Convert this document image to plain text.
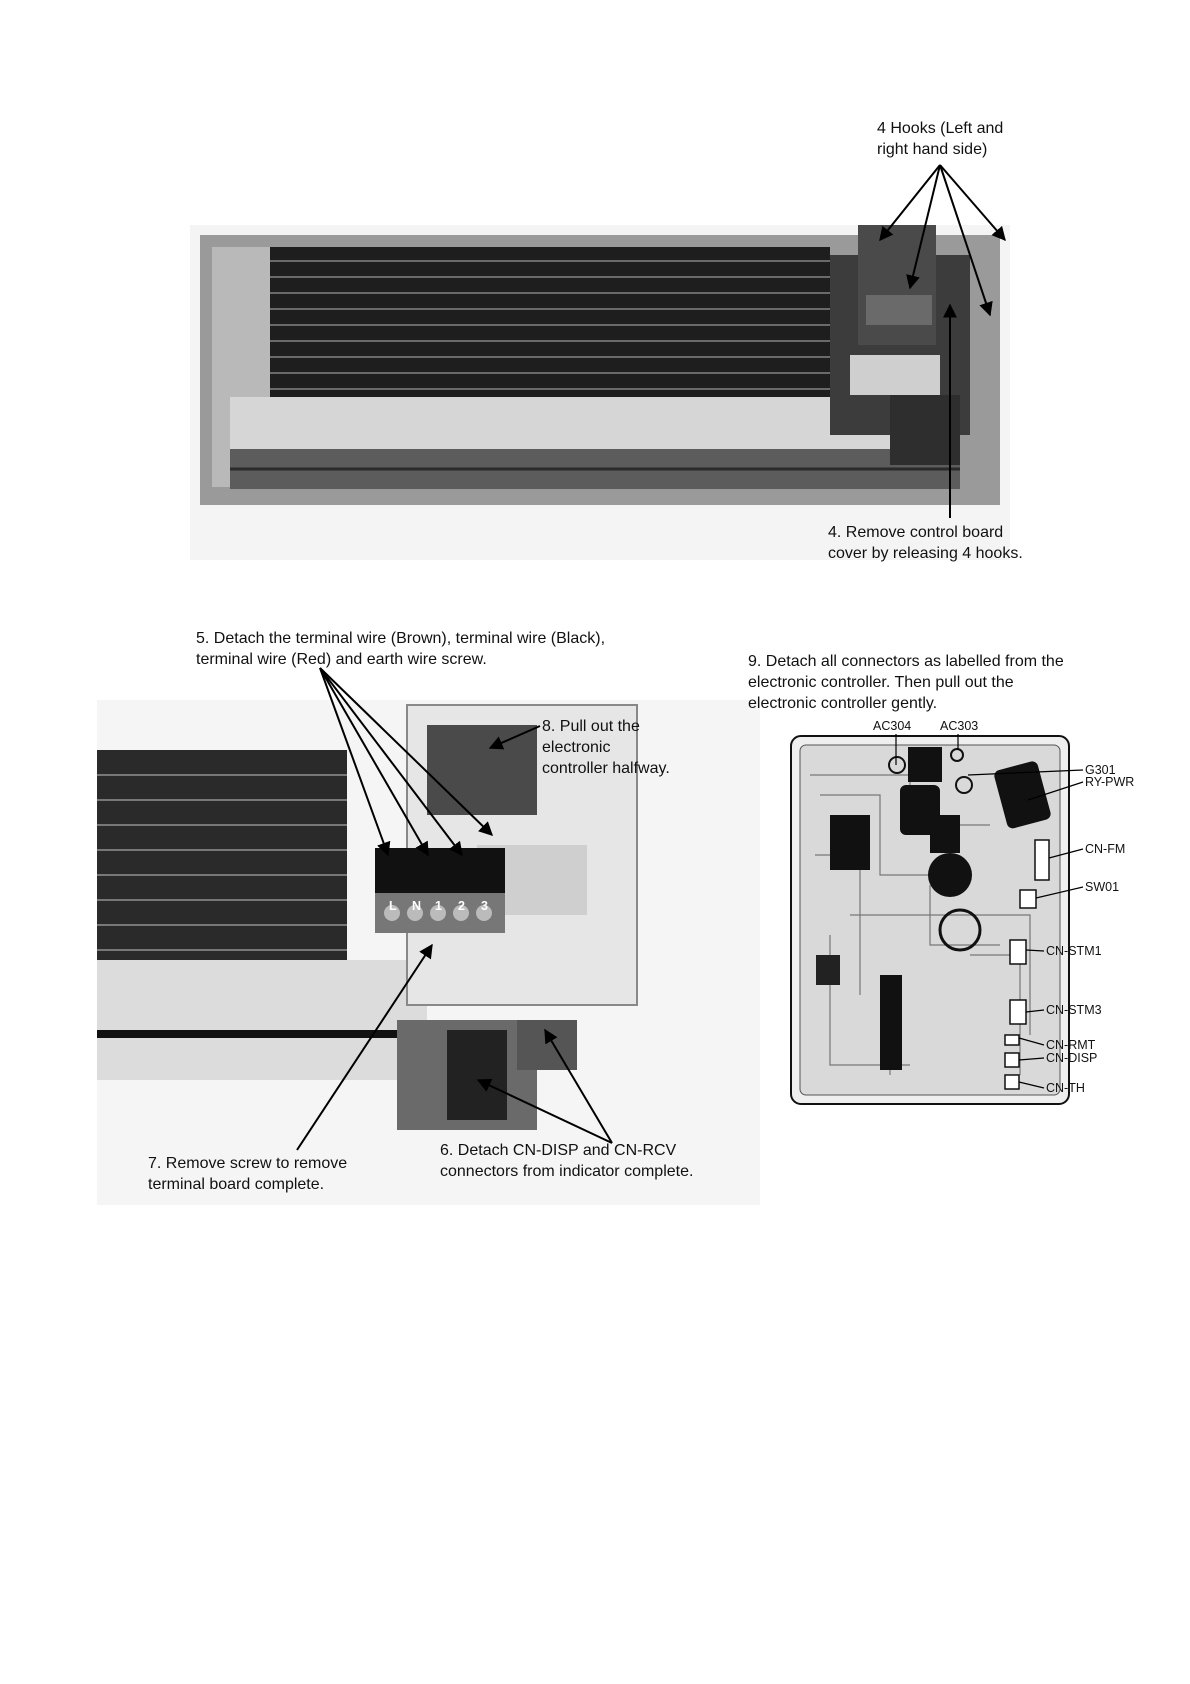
4 Hooks (Left and
right hand side)
4. Remove control board
cover by releasing 4 hooks.
L N 1 2 3
5. Detach the terminal wire (Brown), terminal wire (Black),
terminal wire (Red) and earth wire screw.
8. Pull out the
electronic
controller halfway.
7. Remove screw to remove
terminal board complete.
6. Detach CN-DISP and CN-RCV
connectors from indicator complete.
9. Detach all connectors as labelled from the
electronic controller. Then pull out the
electronic controller gently.
AC304 AC303
G301
RY-PWR
CN-FM
SW01
CN-STM1
CN-STM3
CN-RMT
CN-DISP
CN-TH
